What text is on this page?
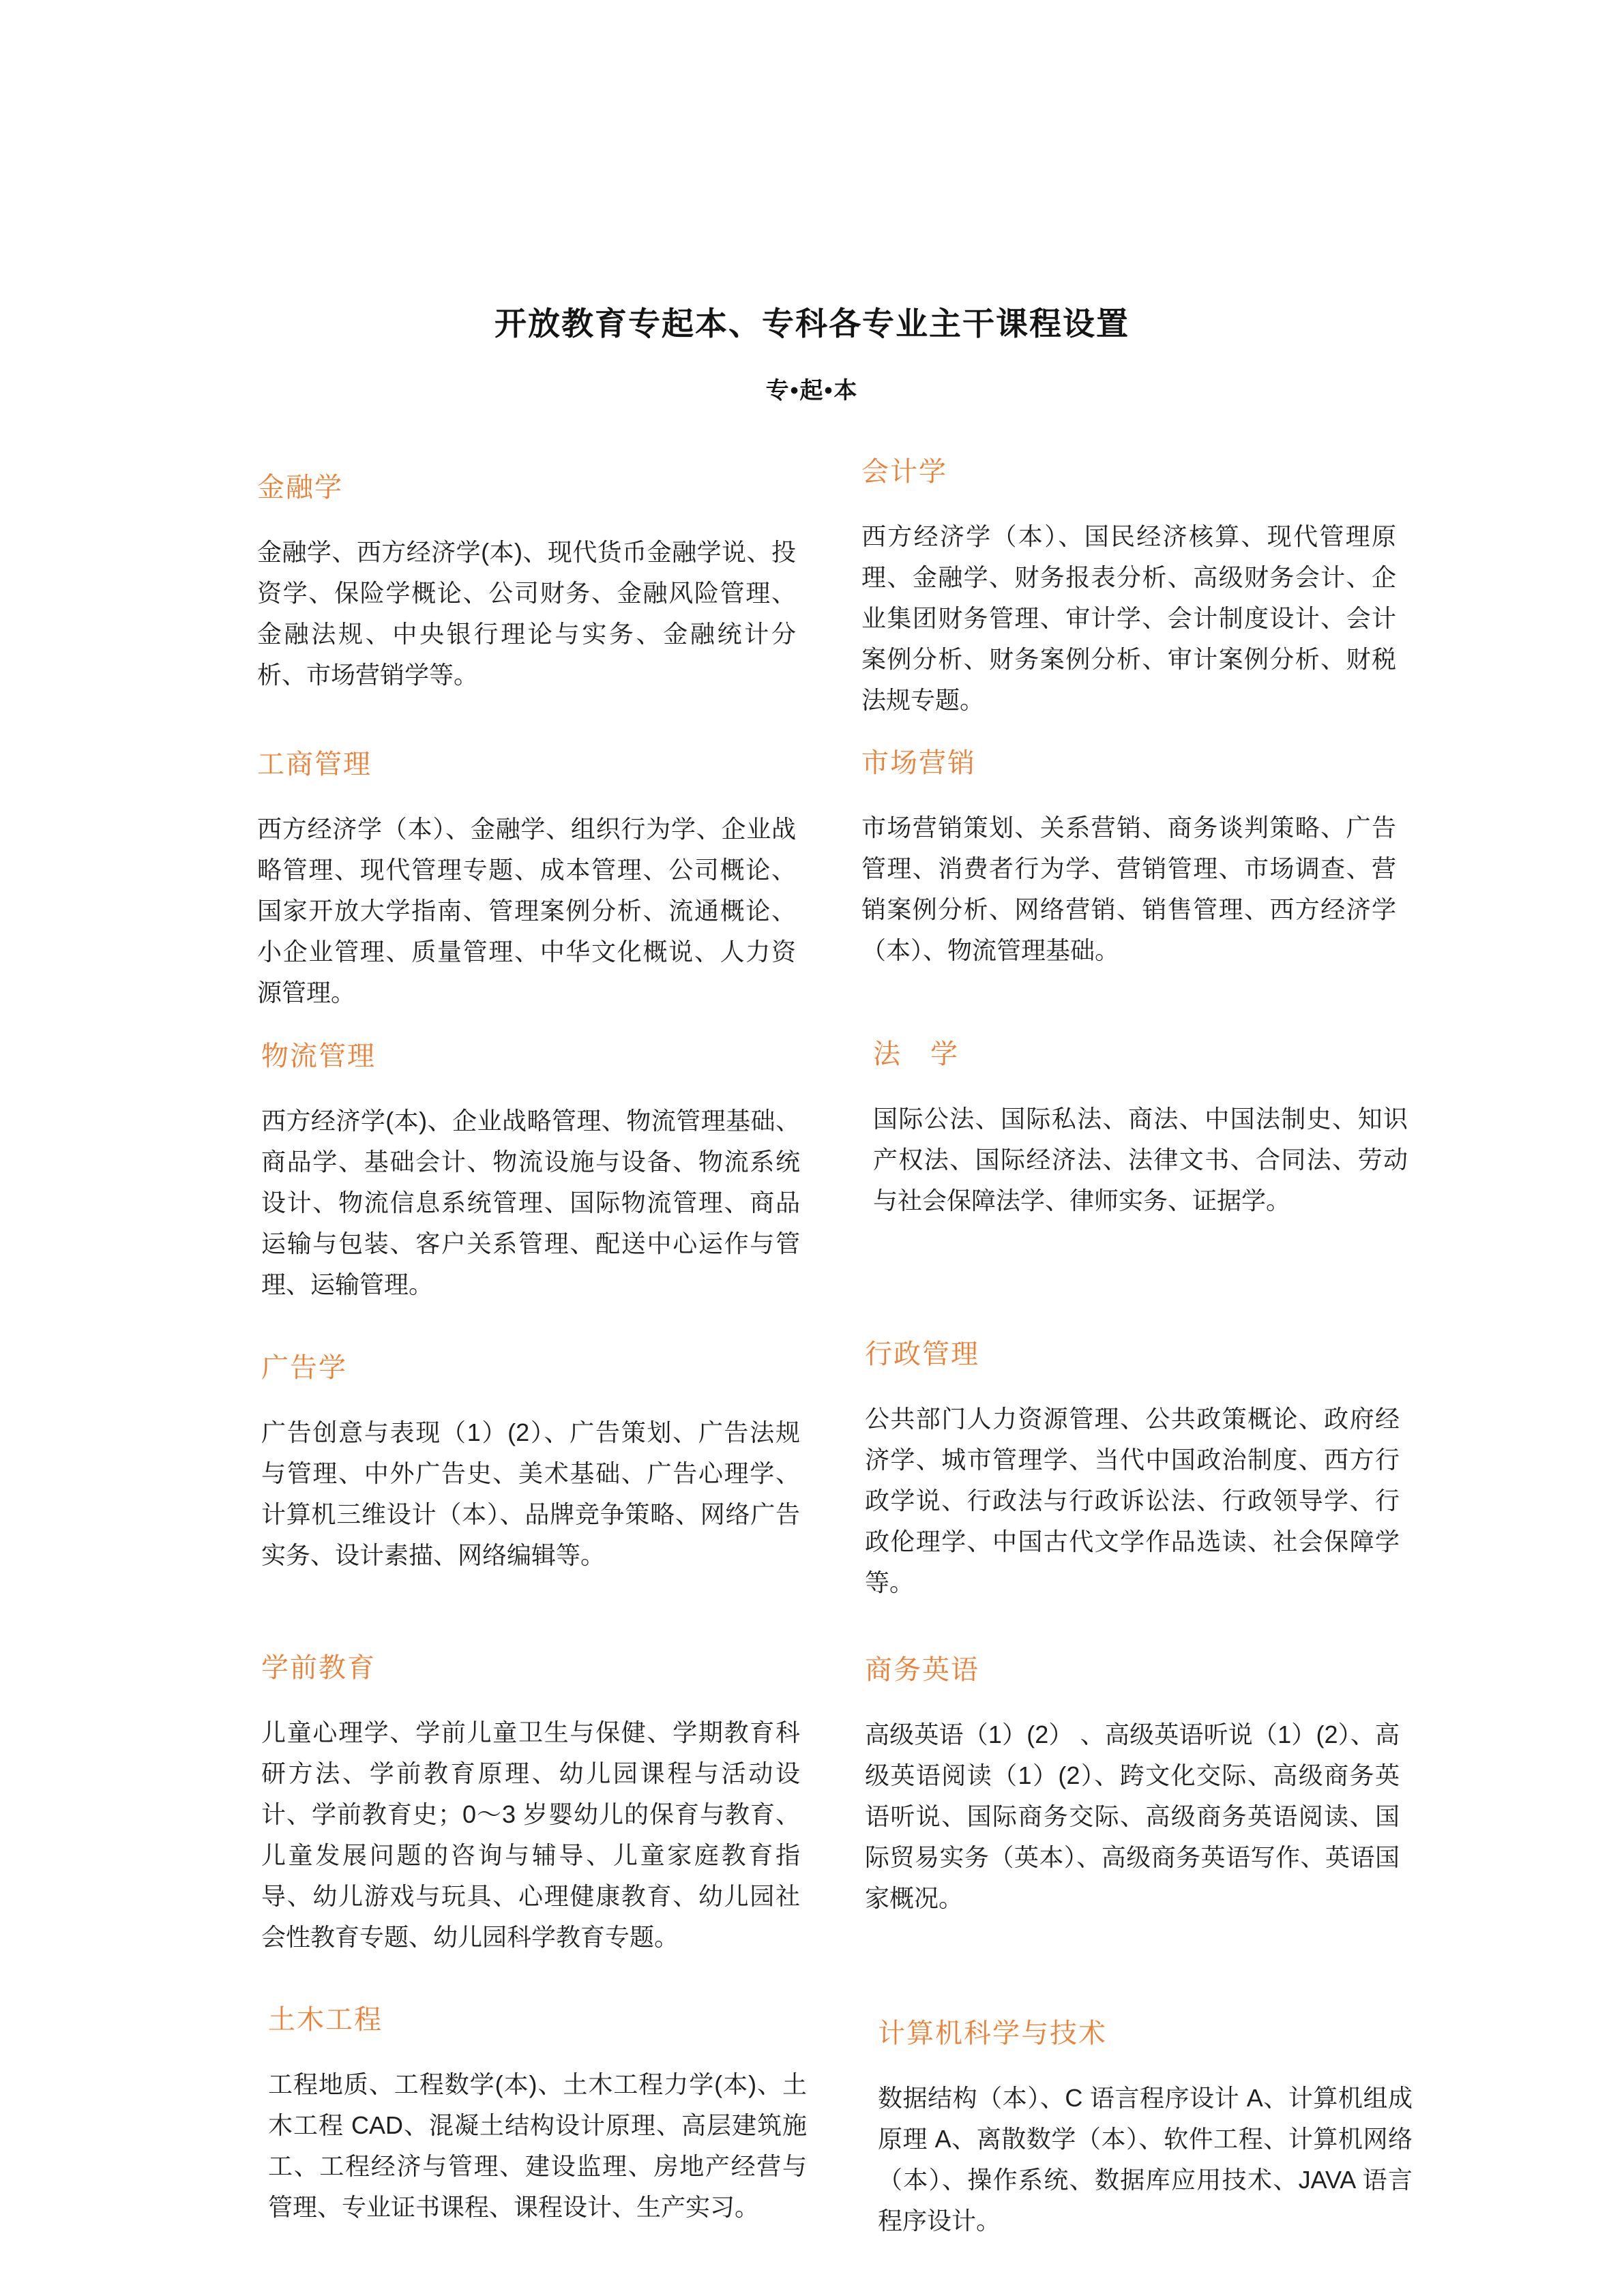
开放教育专起本、专科各专业主干课程设置
专•起•本
金融学

金融学、西方经济学(本)、现代货币金融学说、投资学、保险学概论、公司财务、金融风险管理、金融法规、中央银行理论与实务、金融统计分析、市场营销学等。

工商管理

西方经济学（本）、金融学、组织行为学、企业战略管理、现代管理专题、成本管理、公司概论、国家开放大学指南、管理案例分析、流通概论、小企业管理、质量管理、中华文化概说、人力资源管理。

物流管理

西方经济学(本)、企业战略管理、物流管理基础、商品学、基础会计、物流设施与设备、物流系统设计、物流信息系统管理、国际物流管理、商品运输与包装、客户关系管理、配送中心运作与管理、运输管理。

广告学

广告创意与表现（1）(2）、广告策划、广告法规与管理、中外广告史、美术基础、广告心理学、计算机三维设计（本）、品牌竞争策略、网络广告实务、设计素描、网络编辑等。

学前教育

儿童心理学、学前儿童卫生与保健、学期教育科研方法、学前教育原理、幼儿园课程与活动设计、学前教育史；0～3 岁婴幼儿的保育与教育、儿童发展问题的咨询与辅导、儿童家庭教育指导、幼儿游戏与玩具、心理健康教育、幼儿园社会性教育专题、幼儿园科学教育专题。

土木工程

工程地质、工程数学(本)、土木工程力学(本)、土木工程 CAD、混凝土结构设计原理、高层建筑施工、工程经济与管理、建设监理、房地产经营与管理、专业证书课程、课程设计、生产实习。

会计学

西方经济学（本）、国民经济核算、现代管理原理、金融学、财务报表分析、高级财务会计、企业集团财务管理、审计学、会计制度设计、会计案例分析、财务案例分析、审计案例分析、财税法规专题。

市场营销

市场营销策划、关系营销、商务谈判策略、广告管理、消费者行为学、营销管理、市场调查、营销案例分析、网络营销、销售管理、西方经济学（本）、物流管理基础。

法　学

国际公法、国际私法、商法、中国法制史、知识产权法、国际经济法、法律文书、合同法、劳动与社会保障法学、律师实务、证据学。

行政管理

公共部门人力资源管理、公共政策概论、政府经济学、城市管理学、当代中国政治制度、西方行政学说、行政法与行政诉讼法、行政领导学、行政伦理学、中国古代文学作品选读、社会保障学等。

商务英语

高级英语（1）(2） 、高级英语听说（1）(2）、高级英语阅读（1）(2）、跨文化交际、高级商务英语听说、国际商务交际、高级商务英语阅读、国际贸易实务（英本）、高级商务英语写作、英语国家概况。

计算机科学与技术

数据结构（本）、C 语言程序设计 A、计算机组成原理 A、离散数学（本）、软件工程、计算机网络（本）、操作系统、数据库应用技术、JAVA 语言程序设计。
